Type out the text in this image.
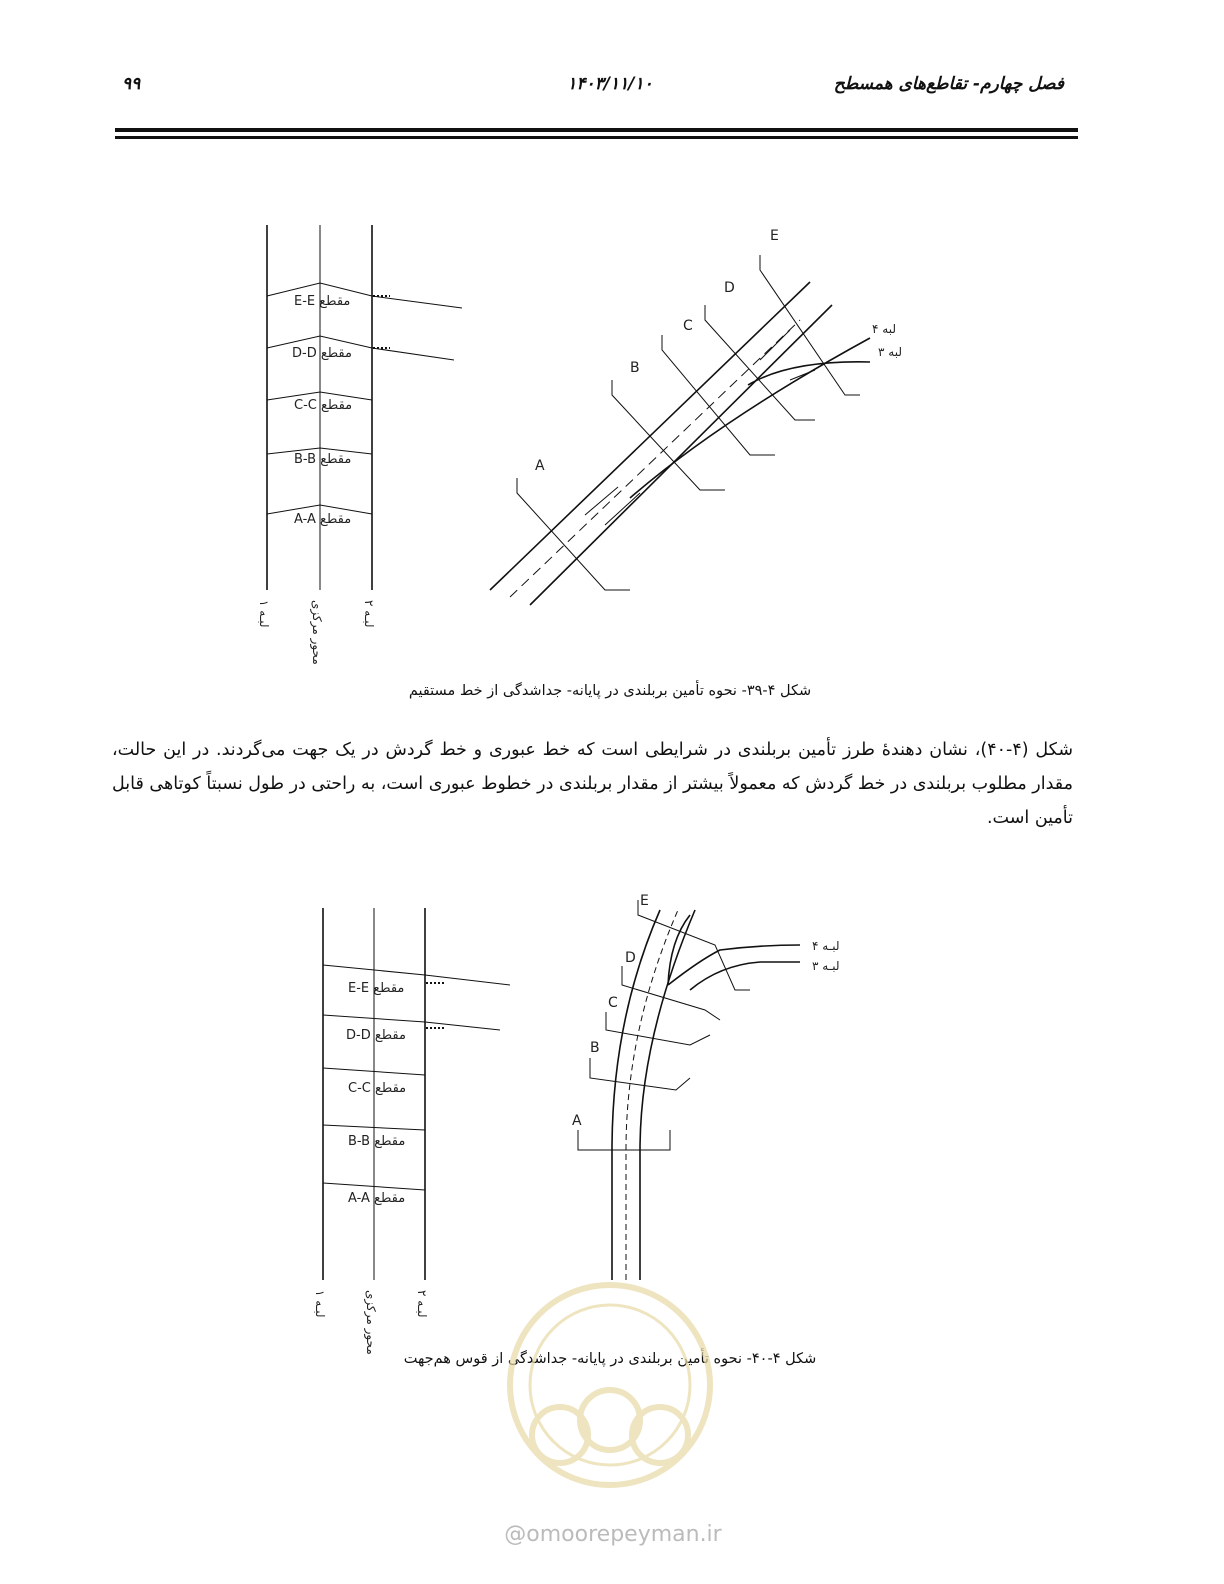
فصل چهارم- تقاطع‌های همسطح
۱۴۰۳/۱۱/۱۰
۹۹
E-E مقطع
D-D مقطع
C-C مقطع
B-B مقطع
A-A مقطع
لبـه ۱	محور مرکزی	لبـه ۲
لبه ۴
لبه ۳
A
B
C
D
E
شکل ۴-۳۹- نحوه تأمین بربلندی در پایانه- جداشدگی از خط مستقیم
شکل (۴-۴۰)، نشان دهندهٔ طرز تأمین بربلندی در شرایطی است که خط عبوری و خط گردش در یک جهت می‌گردند. در این حالت، مقدار مطلوب بربلندی در خط گردش که معمولاً بیشتر از مقدار بربلندی در خطوط عبوری است، به راحتی در طول نسبتاً کوتاهی قابل تأمین است.
E-E مقطع
D-D مقطع
C-C مقطع
B-B مقطع
A-A مقطع
لبـه ۱	محور مرکزی	لبـه ۲
لبـه ۴
لبـه ۳
A
B
C
D
E
شکل ۴-۴۰- نحوه تأمین بربلندی در پایانه- جداشدگی از قوس هم‌جهت
@omoorepeyman.ir
